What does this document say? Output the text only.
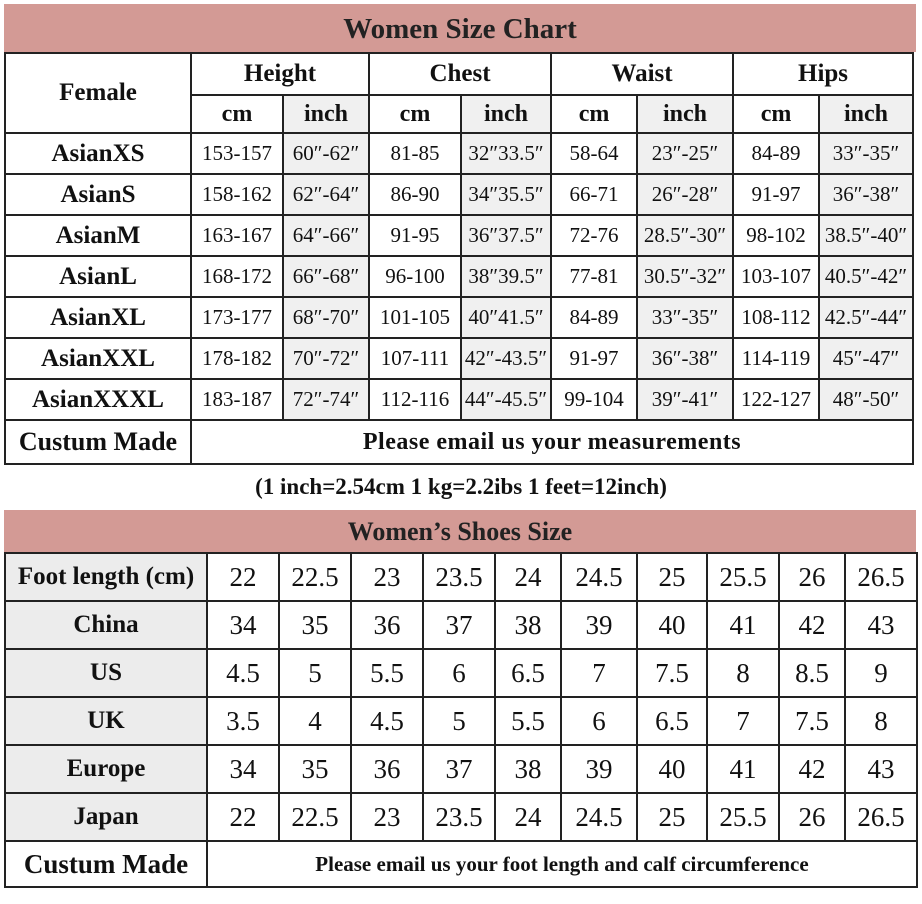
Women Size Chart
Female	Height		Chest		Waist		Hips	
	cm	inch	cm	inch	cm	inch	cm	inch
AsianXS	153-157	60″-62″	81-85	32″33.5″	58-64	23″-25″	84-89	33″-35″
AsianS	158-162	62″-64″	86-90	34″35.5″	66-71	26″-28″	91-97	36″-38″
AsianM	163-167	64″-66″	91-95	36″37.5″	72-76	28.5″-30″	98-102	38.5″-40″
AsianL	168-172	66″-68″	96-100	38″39.5″	77-81	30.5″-32″	103-107	40.5″-42″
AsianXL	173-177	68″-70″	101-105	40″41.5″	84-89	33″-35″	108-112	42.5″-44″
AsianXXL	178-182	70″-72″	107-111	42″-43.5″	91-97	36″-38″	114-119	45″-47″
AsianXXXL	183-187	72″-74″	112-116	44″-45.5″	99-104	39″-41″	122-127	48″-50″
Custum Made	Please email us your measurements							
(1 inch=2.54cm 1 kg=2.2ibs 1 feet=12inch)
Women’s Shoes Size
Foot length (cm)	22	22.5	23	23.5	24	24.5	25	25.5	26	26.5
China	34	35	36	37	38	39	40	41	42	43
US	4.5	5	5.5	6	6.5	7	7.5	8	8.5	9
UK	3.5	4	4.5	5	5.5	6	6.5	7	7.5	8
Europe	34	35	36	37	38	39	40	41	42	43
Japan	22	22.5	23	23.5	24	24.5	25	25.5	26	26.5
Custum Made	Please email us your foot length and calf circumference									
